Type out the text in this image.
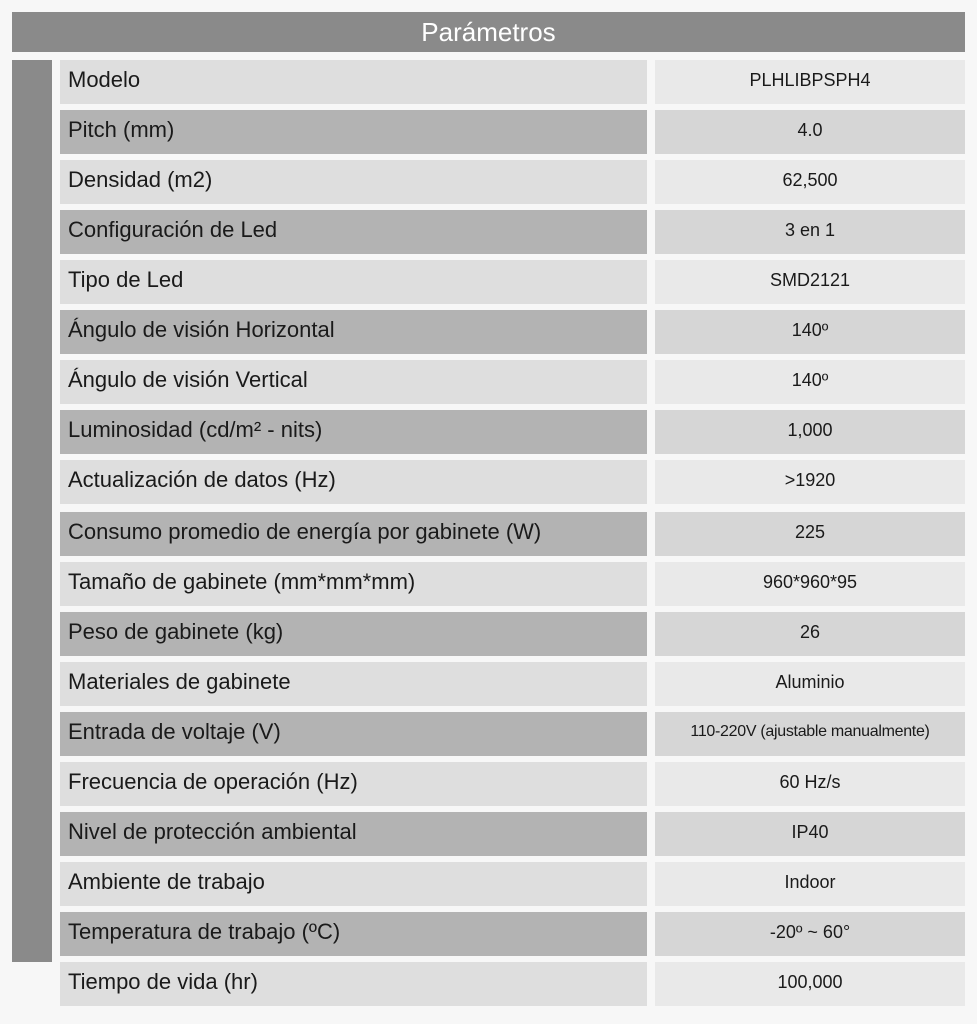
Parámetros
Modelo	PLHLIBPSPH4
Pitch (mm)	4.0
Densidad (m2)	62,500
Configuración de Led	3 en 1
Tipo de Led	SMD2121
Ángulo de visión Horizontal	140º
Ángulo de visión Vertical	140º
Luminosidad (cd/m² - nits)	1,000
Actualización de datos (Hz)	>1920
Consumo promedio de energía por gabinete (W)	225
Tamaño de gabinete (mm*mm*mm)	960*960*95
Peso de gabinete (kg)	26
Materiales de gabinete	Aluminio
Entrada de voltaje (V)	110-220V (ajustable manualmente)
Frecuencia de operación (Hz)	60 Hz/s
Nivel de protección ambiental	IP40
Ambiente de trabajo	Indoor
Temperatura de trabajo (ºC)	-20º ~ 60°
Tiempo de vida (hr)	100,000
